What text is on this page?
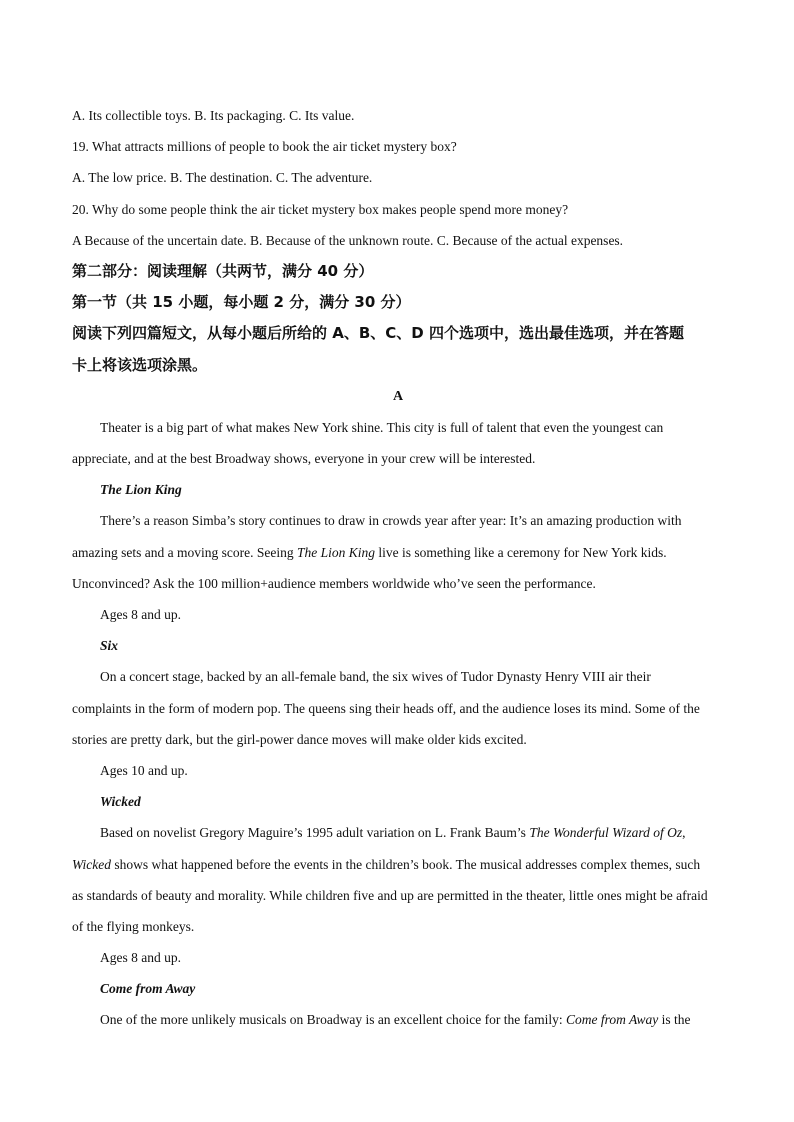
A. Its collectible toys. B. Its packaging. C. Its value.
19. What attracts millions of people to book the air ticket mystery box?
A. The low price. B. The destination. C. The adventure.
20. Why do some people think the air ticket mystery box makes people spend more money?
A Because of the uncertain date. B. Because of the unknown route. C. Because of the actual expenses.
第二部分：阅读理解（共两节，满分 40 分）
第一节（共 15 小题，每小题 2 分，满分 30 分）
阅读下列四篇短文，从每小题后所给的 A、B、C、D 四个选项中，选出最佳选项，并在答题
卡上将该选项涂黑。
A
Theater is a big part of what makes New York shine. This city is full of talent that even the youngest can
appreciate, and at the best Broadway shows, everyone in your crew will be interested.
The Lion King
There’s a reason Simba’s story continues to draw in crowds year after year: It’s an amazing production with
amazing sets and a moving score. Seeing The Lion King live is something like a ceremony for New York kids.
Unconvinced? Ask the 100 million+audience members worldwide who’ve seen the performance.
Ages 8 and up.
Six
On a concert stage, backed by an all-female band, the six wives of Tudor Dynasty Henry VIII air their
complaints in the form of modern pop. The queens sing their heads off, and the audience loses its mind. Some of the
stories are pretty dark, but the girl-power dance moves will make older kids excited.
Ages 10 and up.
Wicked
Based on novelist Gregory Maguire’s 1995 adult variation on L. Frank Baum’s The Wonderful Wizard of Oz,
Wicked shows what happened before the events in the children’s book. The musical addresses complex themes, such
as standards of beauty and morality. While children five and up are permitted in the theater, little ones might be afraid
of the flying monkeys.
Ages 8 and up.
Come from Away
One of the more unlikely musicals on Broadway is an excellent choice for the family: Come from Away is the
